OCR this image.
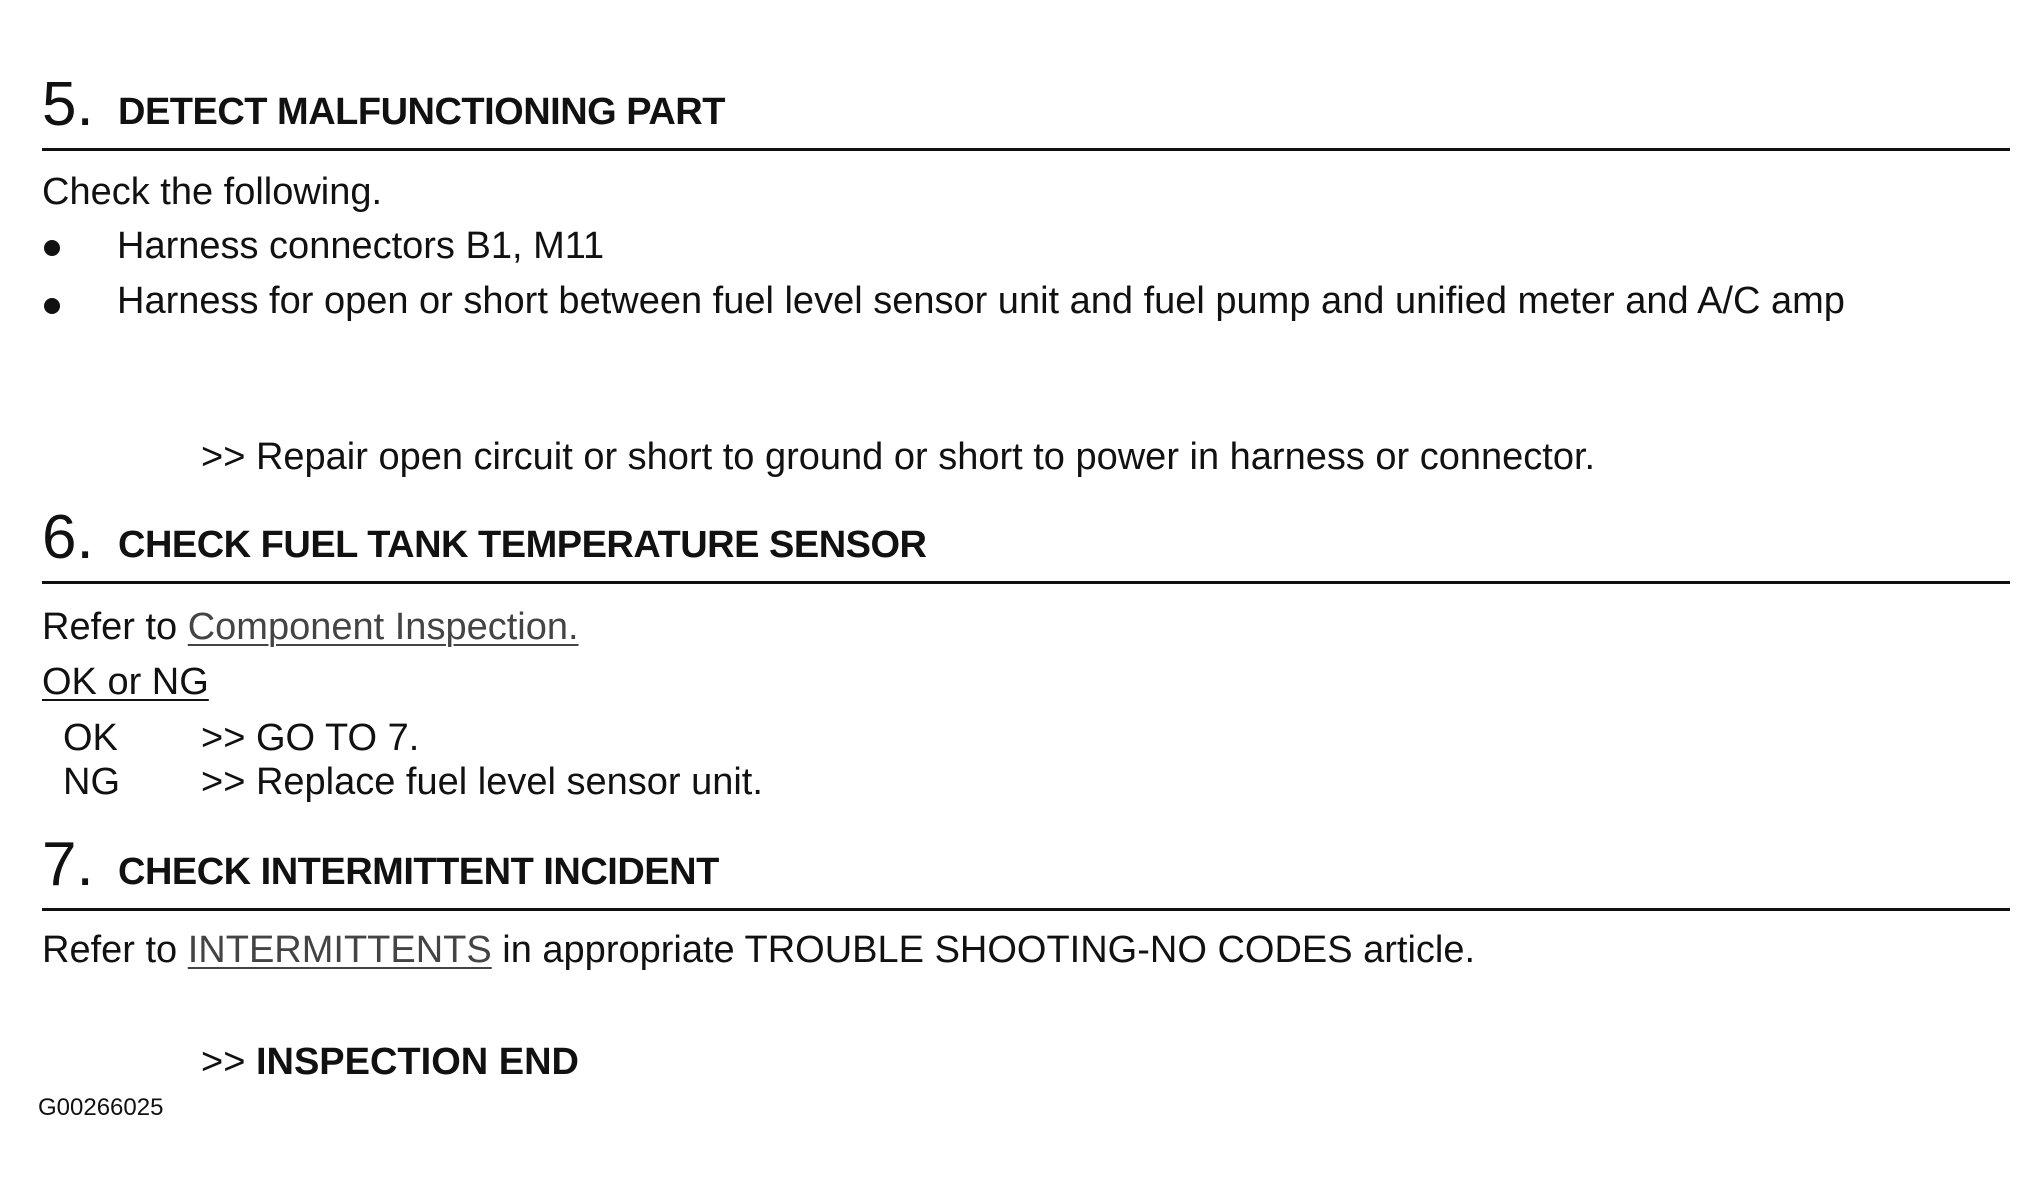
5. DETECT MALFUNCTIONING PART
Check the following.
Harness connectors B1, M11
Harness for open or short between fuel level sensor unit and fuel pump and unified meter and A/C amp
>> Repair open circuit or short to ground or short to power in harness or connector.
6. CHECK FUEL TANK TEMPERATURE SENSOR
Refer to Component Inspection.
OK or NG
OK >> GO TO 7.
NG >> Replace fuel level sensor unit.
7. CHECK INTERMITTENT INCIDENT
Refer to INTERMITTENTS in appropriate TROUBLE SHOOTING-NO CODES article.
>> INSPECTION END
G00266025
